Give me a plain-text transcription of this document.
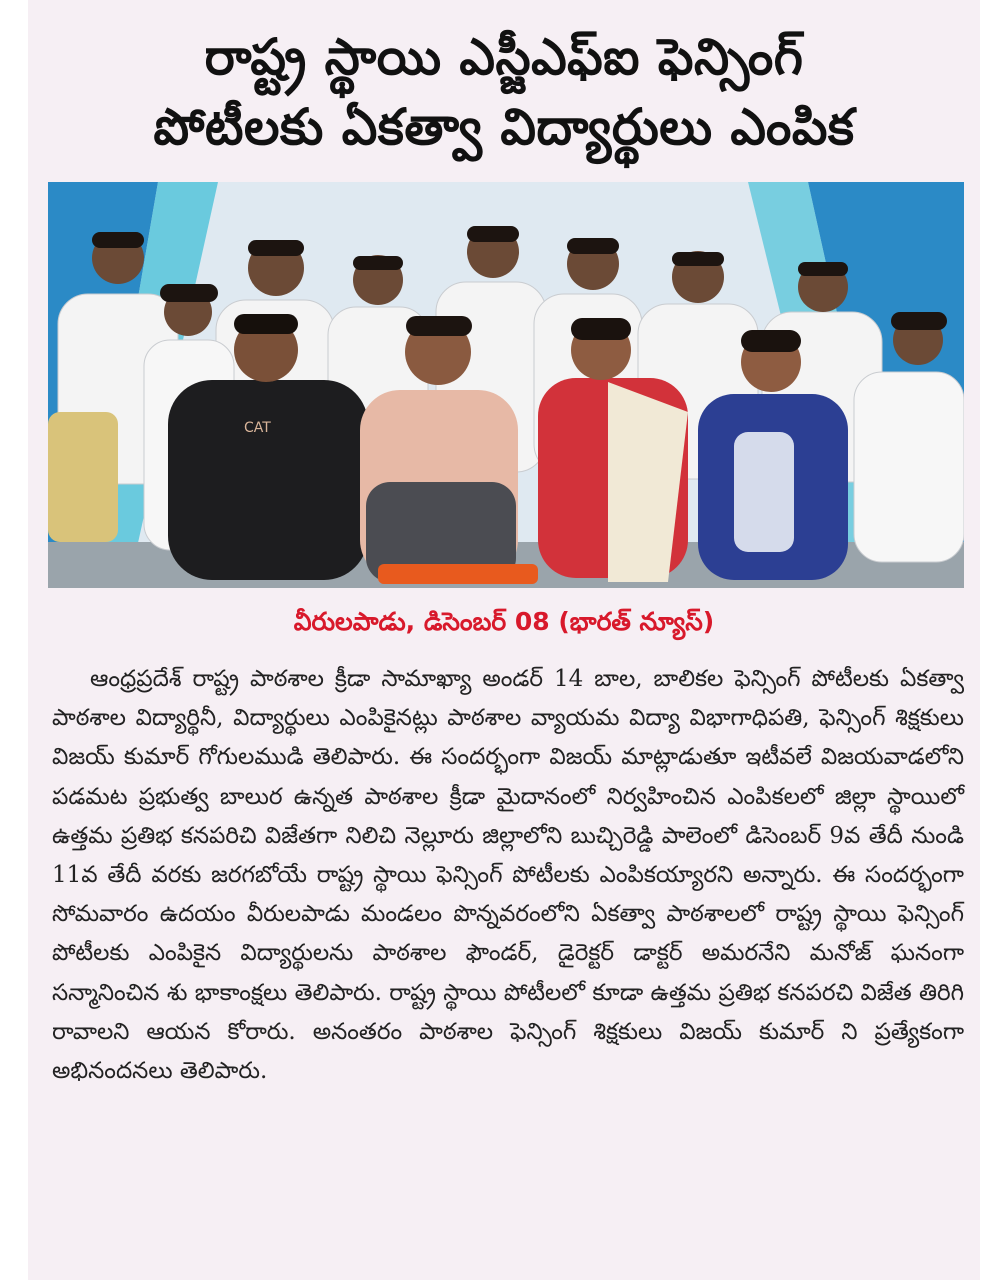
రాష్ట్ర స్థాయి ఎస్జీఎఫ్ఐ ఫెన్సింగ్
పోటీలకు ఏకత్వా విద్యార్థులు ఎంపిక
CAT
వీరులపాడు, డిసెంబర్ 08 (భారత్ న్యూస్)
ఆంధ్రప్రదేశ్ రాష్ట్ర పాఠశాల క్రీడా సామాఖ్యా అండర్ 14 బాల, బాలికల ఫెన్సింగ్ పోటీలకు ఏకత్వా పాఠశాల విద్యార్థినీ, విద్యార్థులు ఎంపికైనట్లు పాఠశాల వ్యాయమ విద్యా విభాగాధిపతి, ఫెన్సింగ్ శిక్షకులు విజయ్ కుమార్ గోగులముడి తెలిపారు. ఈ సందర్భంగా విజయ్ మాట్లాడుతూ ఇటీవలే విజయవాడలోని పడమట ప్రభుత్వ బాలుర ఉన్నత పాఠశాల క్రీడా మైదానంలో నిర్వహించిన ఎంపికలలో జిల్లా స్థాయిలో ఉత్తమ ప్రతిభ కనపరిచి విజేతగా నిలిచి నెల్లూరు జిల్లాలోని బుచ్చిరెడ్డి పాలెంలో డిసెంబర్ 9వ తేదీ నుండి 11వ తేదీ వరకు జరగబోయే రాష్ట్ర స్థాయి ఫెన్సింగ్ పోటీలకు ఎంపికయ్యారని అన్నారు. ఈ సందర్భంగా సోమవారం ఉదయం వీరులపాడు మండలం పొన్నవరంలోని ఏకత్వా పాఠశాలలో రాష్ట్ర స్థాయి ఫెన్సింగ్ పోటీలకు ఎంపికైన విద్యార్థులను పాఠశాల ఫౌండర్, డైరెక్టర్ డాక్టర్ అమరనేని మనోజ్ ఘనంగా సన్మానించిన శు భాకాంక్షలు తెలిపారు. రాష్ట్ర స్థాయి పోటీలలో కూడా ఉత్తమ ప్రతిభ కనపరచి విజేత తిరిగి రావాలని ఆయన కోరారు. అనంతరం పాఠశాల ఫెన్సింగ్ శిక్షకులు విజయ్ కుమార్ ని ప్రత్యేకంగా అభినందనలు తెలిపారు.
